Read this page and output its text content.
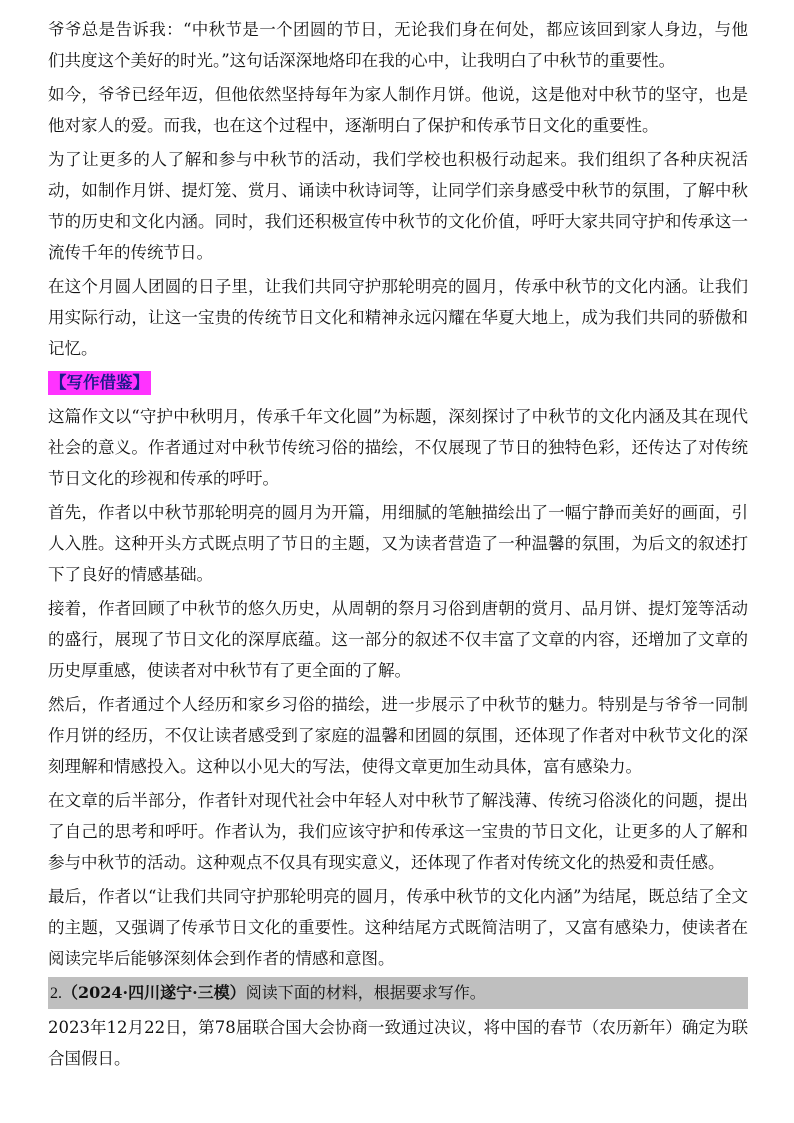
爷爷总是告诉我：“中秋节是一个团圆的节日，无论我们身在何处，都应该回到家人身边，与他们共度这个美好的时光。”这句话深深地烙印在我的心中，让我明白了中秋节的重要性。

如今，爷爷已经年迈，但他依然坚持每年为家人制作月饼。他说，这是他对中秋节的坚守，也是他对家人的爱。而我，也在这个过程中，逐渐明白了保护和传承节日文化的重要性。

为了让更多的人了解和参与中秋节的活动，我们学校也积极行动起来。我们组织了各种庆祝活动，如制作月饼、提灯笼、赏月、诵读中秋诗词等，让同学们亲身感受中秋节的氛围，了解中秋节的历史和文化内涵。同时，我们还积极宣传中秋节的文化价值，呼吁大家共同守护和传承这一流传千年的传统节日。

在这个月圆人团圆的日子里，让我们共同守护那轮明亮的圆月，传承中秋节的文化内涵。让我们用实际行动，让这一宝贵的传统节日文化和精神永远闪耀在华夏大地上，成为我们共同的骄傲和记忆。

【写作借鉴】

这篇作文以“守护中秋明月，传承千年文化圆”为标题，深刻探讨了中秋节的文化内涵及其在现代社会的意义。作者通过对中秋节传统习俗的描绘，不仅展现了节日的独特色彩，还传达了对传统节日文化的珍视和传承的呼吁。

首先，作者以中秋节那轮明亮的圆月为开篇，用细腻的笔触描绘出了一幅宁静而美好的画面，引人入胜。这种开头方式既点明了节日的主题，又为读者营造了一种温馨的氛围，为后文的叙述打下了良好的情感基础。

接着，作者回顾了中秋节的悠久历史，从周朝的祭月习俗到唐朝的赏月、品月饼、提灯笼等活动的盛行，展现了节日文化的深厚底蕴。这一部分的叙述不仅丰富了文章的内容，还增加了文章的历史厚重感，使读者对中秋节有了更全面的了解。

然后，作者通过个人经历和家乡习俗的描绘，进一步展示了中秋节的魅力。特别是与爷爷一同制作月饼的经历，不仅让读者感受到了家庭的温馨和团圆的氛围，还体现了作者对中秋节文化的深刻理解和情感投入。这种以小见大的写法，使得文章更加生动具体，富有感染力。

在文章的后半部分，作者针对现代社会中年轻人对中秋节了解浅薄、传统习俗淡化的问题，提出了自己的思考和呼吁。作者认为，我们应该守护和传承这一宝贵的节日文化，让更多的人了解和参与中秋节的活动。这种观点不仅具有现实意义，还体现了作者对传统文化的热爱和责任感。

最后，作者以“让我们共同守护那轮明亮的圆月，传承中秋节的文化内涵”为结尾，既总结了全文的主题，又强调了传承节日文化的重要性。这种结尾方式既简洁明了，又富有感染力，使读者在阅读完毕后能够深刻体会到作者的情感和意图。

2.（2024·四川遂宁·三模）阅读下面的材料，根据要求写作。

2023年12月22日，第78届联合国大会协商一致通过决议，将中国的春节（农历新年）确定为联合国假日。
